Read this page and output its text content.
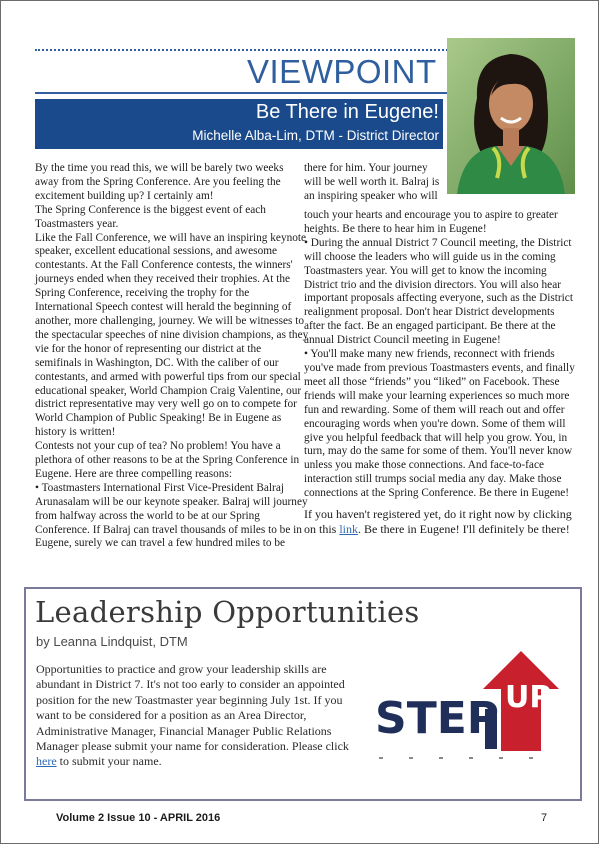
VIEWPOINT
Be There in Eugene!
Michelle Alba-Lim, DTM - District Director

By the time you read this, we will be barely two weeks away from the Spring Conference. Are you feeling the excitement building up? I certainly am!

The Spring Conference is the biggest event of each Toastmasters year.

Like the Fall Conference, we will have an inspiring keynote speaker, excellent educational sessions, and awesome contestants. At the Fall Conference contests, the winners' journeys ended when they received their trophies. At the Spring Conference, receiving the trophy for the International Speech contest will herald the beginning of another, more challenging, journey. We will be witnesses to the spectacular speeches of nine division champions, as they vie for the honor of representing our district at the semifinals in Washington, DC. With the caliber of our contestants, and armed with powerful tips from our special educational speaker, World Champion Craig Valentine, our district representative may very well go on to compete for World Champion of Public Speaking! Be in Eugene as history is written!

Contests not your cup of tea? No problem! You have a plethora of other reasons to be at the Spring Conference in Eugene. Here are three compelling reasons:

• Toastmasters International First Vice-President Balraj Arunasalam will be our keynote speaker. Balraj will journey from halfway across the world to be at our Spring Conference. If Balraj can travel thousands of miles to be in Eugene, surely we can travel a few hundred miles to be

there for him. Your journey will be well worth it. Balraj is an inspiring speaker who will

touch your hearts and encourage you to aspire to greater heights. Be there to hear him in Eugene!

• During the annual District 7 Council meeting, the District will choose the leaders who will guide us in the coming Toastmasters year. You will get to know the incoming District trio and the division directors. You will also hear important proposals affecting everyone, such as the District realignment proposal. Don't hear District developments after the fact. Be an engaged participant. Be there at the annual District Council meeting in Eugene!

• You'll make many new friends, reconnect with friends you've made from previous Toastmasters events, and finally meet all those “friends” you “liked” on Facebook. These friends will make your learning experiences so much more fun and rewarding. Some of them will reach out and offer encouraging words when you're down. Some of them will give you helpful feedback that will help you grow. You, in turn, may do the same for some of them. You'll never know unless you make those connections. And face-to-face interaction still trumps social media any day. Make those connections at the Spring Conference. Be there in Eugene!

If you haven't registered yet, do it right now by clicking on this link. Be there in Eugene! I'll definitely be there!

Leadership Opportunities
by Leanna Lindquist, DTM
Opportunities to practice and grow your leadership skills are abundant in District 7. It's not too early to consider an appointed position for the new Toastmaster year beginning July 1st. If you want to be considered for a position as an Area Director, Administrative Manager, Financial Manager Public Relations Manager please submit your name for consideration. Please click here to submit your name.
STEP UP
Volume 2 Issue 10 - APRIL 2016	7
